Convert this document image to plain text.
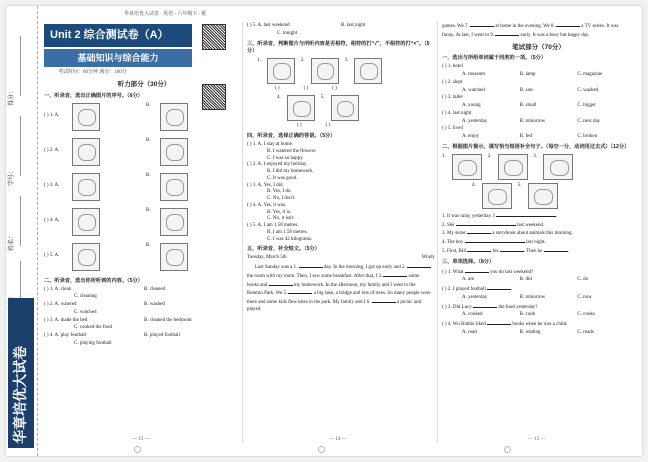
得分：
学号：
姓名：
华章培优大试卷
华章培优大试卷 · 英语 · 六年级下 · 配
Unit 2 综合测试卷（A）
基础知识与综合能力
考试时间：60分钟 满分：100分
听力部分（30分）
一、听录音，选出正确图片的序号。（6分）
( ) 1. A.
B.
( ) 2. A.
B.
( ) 3. A.
B.
( ) 4. A.
B.
( ) 5. A.
B.
二、听录音，选出你所听到的内容。（5分）
( ) 1. A. clean	B. cleaned
C. cleaning
( ) 2. A. watered	B. washed
C. watched
( ) 3. A. made the bed	B. cleaned the bedroom
C. cooked the food
( ) 4. A. play football	B. played football
C. playing football
— 13 —
( ) 5. A. last weekend	B. last night
C. tonight
三、听录音，判断图片与所听内容是否相符，相符的打“√”，不相符的打“×”。（5分）
1.	2.	3.
( )	( )	( )
4.	5.
( )	( )
四、听录音，选择正确的答语。（5分）
( ) 1. A. I stay at home.
B. I watered the flowers.
C. I was so happy.
( ) 2. A. I enjoyed my holiday.
B. I did my homework.
C. It was good.
( ) 3. A. Yes, I did.
B. Yes, I do.
C. No, I don't.
( ) 4. A. Yes, it was.
B. Yes, it is.
C. No, it isn't.
( ) 5. A. I am 1.58 metres.
B. I am 1.58 metres.
C. I was 42 kilograms.
五、听录音，补全短文。（5分）
Tuesday, March 5th	Windy
Last Sunday was a 1.	day. In the morning, I got up early and 2.  the room with my mum. Then, I saw some breakfast. After that, I 3.	some books and	my homework. In the afternoon, my family and I went to the Renmin Park. We 5.	a big lake, a bridge and lots of trees. So many people were there and some kids flew kites in the park. My family and I 6.	a picnic and played
— 14 —
games. We 7.	at home in the evening. We 8.	a TV series. It was funny. At last, I went to 9.	early. It was a busy but happy day.
笔试部分（70分）
一、选出与所给单词属于同类的一项。（5分）
( ) 1. hotel
A. museum	B. lamp	C. magazine
( ) 2. slept
A. watched	B. saw	C. washed
( ) 3. taller
A. young	B. small	C. bigger
( ) 4. last night
A. yesterday	B. tomorrow	C. next day
( ) 5. lived
A. enjoy	B. fed	C. broken
二、根据图片提示，填写恰当短语补全句子。（每空一分，动词用过去式）（12分）
1.	2.	3.
4.	5.
1. It was rainy yesterday. I	.
2. She	last weekend.
3. My sister	a storybook about animals this morning.
4. The boy	last night.
5. First, Bill	his	. Then he	.
三、单项选择。（8分）
( ) 1. What	you do last weekend?
A. are	B. did	C. do
( ) 2. I played football	.
A. yesterday	B. tomorrow	C. now
( ) 3. Did Lucy	the food yesterday?
A. cooked	B. cook	C. cooks
( ) 4. Wu Binbin liked	books when he was a child.
A. read	B. reading	C. reads
— 15 —
